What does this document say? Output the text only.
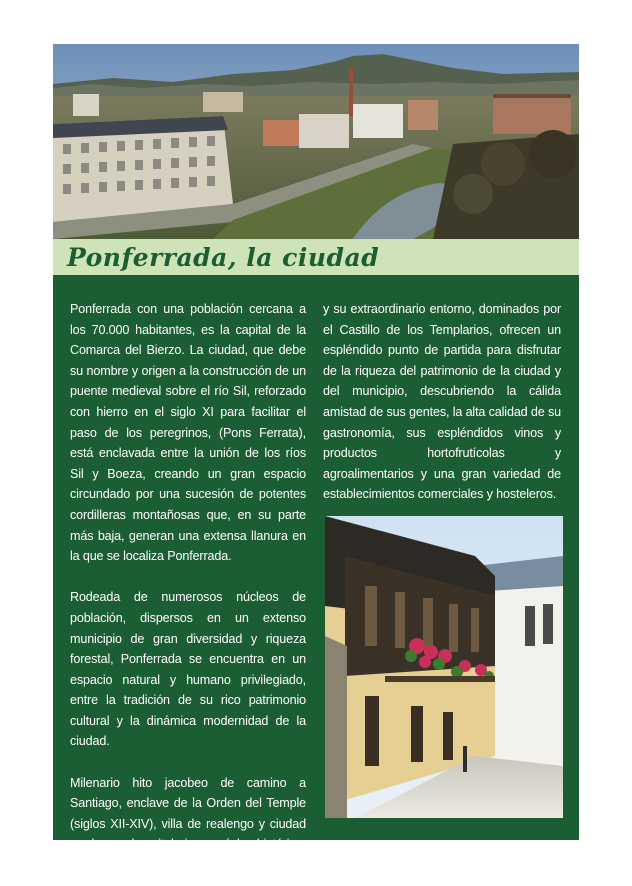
Ponferrada, la ciudad

Ponferrada con una población cercana a los 70.000 habitantes, es la capital de la Comarca del Bierzo. La ciudad, que debe su nombre y origen a la construcción de un puente medieval sobre el río Sil, reforzado con hierro en el siglo XI para facilitar el paso de los peregrinos, (Pons Ferrata), está enclavada entre la unión de los ríos Sil y Boeza, creando un gran espacio circundado por una sucesión de potentes cordilleras montañosas que, en su parte más baja, generan una extensa llanura en la que se localiza Ponferrada.

Rodeada de numerosos núcleos de población, dispersos en un extenso municipio de gran diversidad y riqueza forestal, Ponferrada se encuentra en un espacio natural y humano privilegiado, entre la tradición de su rico patrimonio cultural y la dinámica modernidad de la ciudad.

Milenario hito jacobeo de camino a Santiago, enclave de la Orden del Temple (siglos XII-XIV), villa de realengo y ciudad moderna y hospitalaria, su núcleo histórico

y su extraordinario entorno, dominados por el Castillo de los Templarios, ofrecen un espléndido punto de partida para disfrutar de la riqueza del patrimonio de la ciudad y del municipio, descubriendo la cálida amistad de sus gentes, la alta calidad de su gastronomía, sus espléndidos vinos y productos hortofrutícolas y agroalimentarios y una gran variedad de establecimientos comerciales y hosteleros.
